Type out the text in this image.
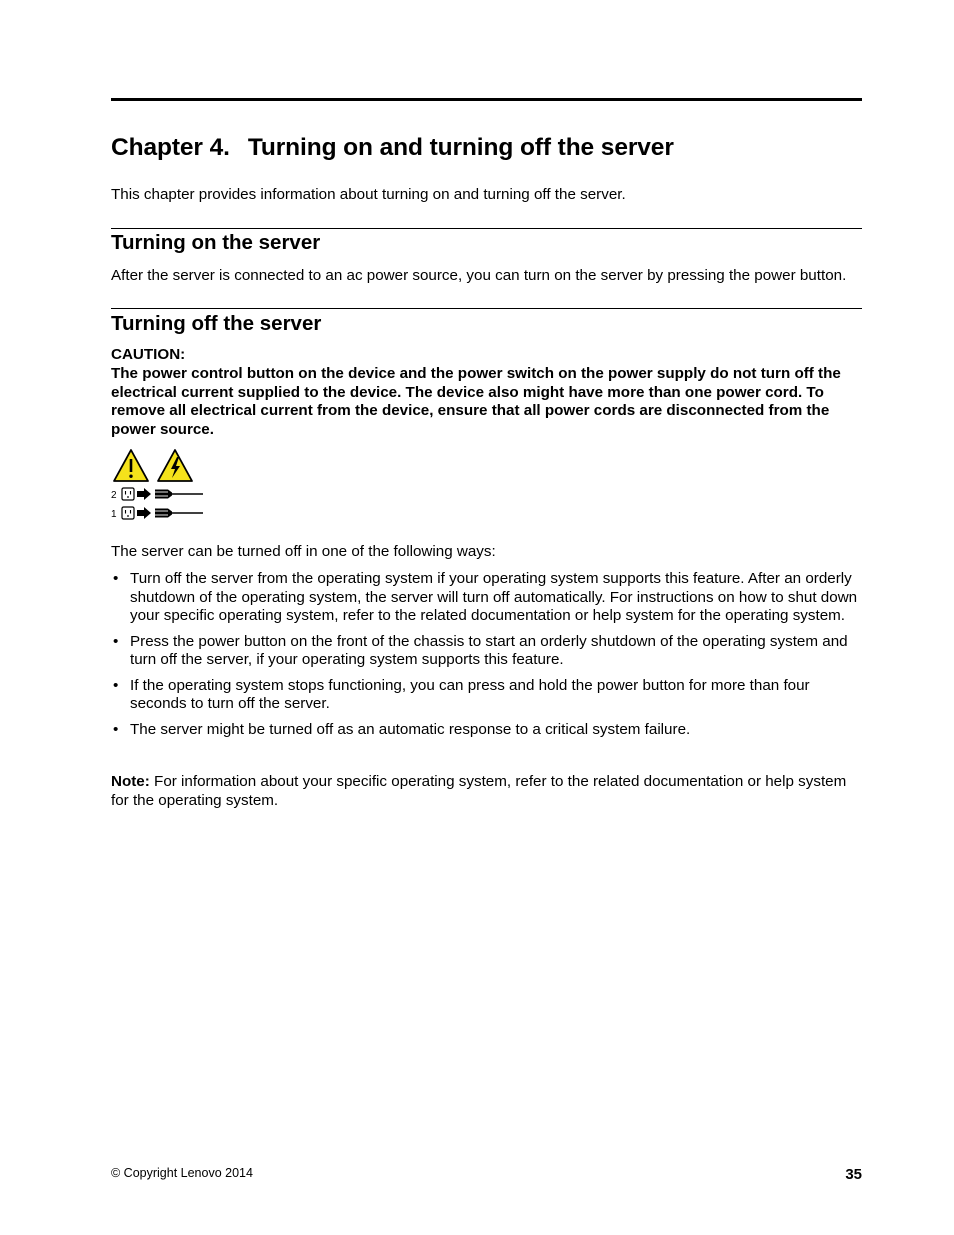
Chapter 4. Turning on and turning off the server

This chapter provides information about turning on and turning off the server.

Turning on the server

After the server is connected to an ac power source, you can turn on the server by pressing the power button.

Turning off the server

CAUTION:

The power control button on the device and the power switch on the power supply do not turn off the electrical current supplied to the device. The device also might have more than one power cord. To remove all electrical current from the device, ensure that all power cords are disconnected from the power source.

2
1

The server can be turned off in one of the following ways:

• Turn off the server from the operating system if your operating system supports this feature. After an orderly shutdown of the operating system, the server will turn off automatically. For instructions on how to shut down your specific operating system, refer to the related documentation or help system for the operating system.
• Press the power button on the front of the chassis to start an orderly shutdown of the operating system and turn off the server, if your operating system supports this feature.
• If the operating system stops functioning, you can press and hold the power button for more than four seconds to turn off the server.
• The server might be turned off as an automatic response to a critical system failure.

Note: For information about your specific operating system, refer to the related documentation or help system for the operating system.

© Copyright Lenovo 2014	35
